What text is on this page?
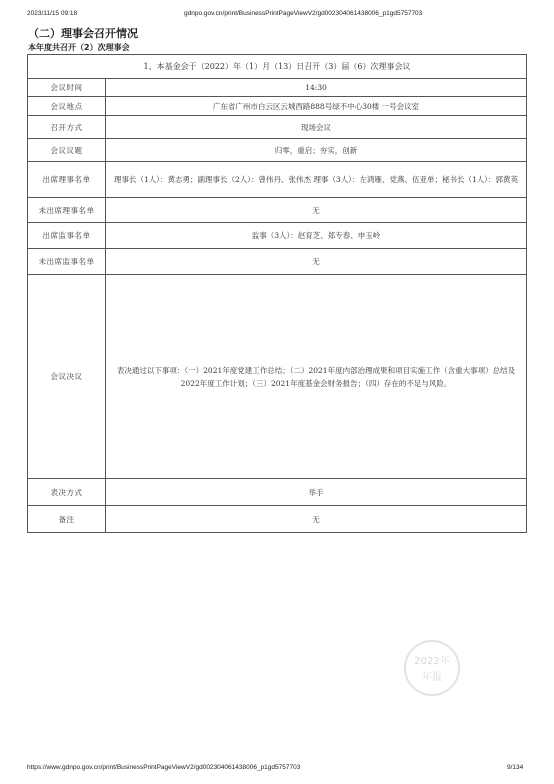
2023/11/15 09:18	gdnpo.gov.cn/print/BusinessPrintPageViewV2/gd002304061438006_p1gd5757703
（二）理事会召开情况
本年度共召开（2）次理事会
1、本基金会于（2022）年（1）月（13）日召开（3）届（6）次理事会议	
会议时间	14:30
会议地点	广东省广州市白云区云城西路888号绿不中心30楼 一号会议室
召开方式	现场会议
会议议题	归零，重启；夯实，创新
出席理事名单	理事长（1人）：黄志勇；副理事长（2人）：曾伟丹、张伟杰 理事（3人）：左鸿雁、党燕、伍亚单；秘书长（1人）：郭黄英
未出席理事名单	无
出席监事名单	监事（3人）：赵育芝、郑专春、申玉岭
未出席监事名单	无
会议决议	表决通过以下事项：（一）2021年度党建工作总结；（二）2021年度内部治理成果和项目实施工作（含重大事项）总结及 2022年度工作计划；（三）2021年度基金会财务报告；（四）存在的不足与风险。
表决方式	举手
备注	无
2022年
年报
https://www.gdnpo.gov.cn/print/BusinessPrintPageViewV2/gd002304061438006_p1gd5757703	9/134
